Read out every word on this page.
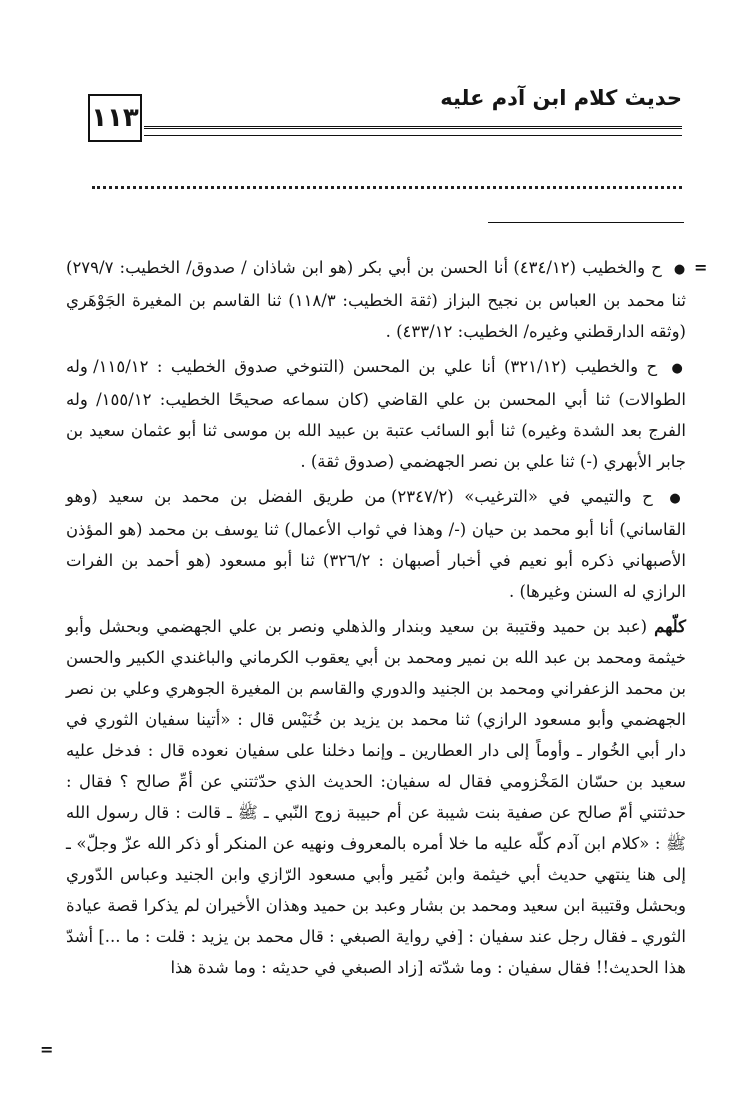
١١٣
حديث كلام ابن آدم عليه
=
=

● ح والخطيب (٤٣٤/١٢) أنا الحسن بن أبي بكر (هو ابن شاذان / صدوق/ الخطيب: ٢٧٩/٧) ثنا محمد بن العباس بن نجيح البزاز (ثقة الخطيب: ١١٨/٣) ثنا القاسم بن المغيرة الجَوْهَري (وثقه الدارقطني وغيره/ الخطيب: ٤٣٣/١٢) .

● ح والخطيب (٣٢١/١٢) أنا علي بن المحسن (التنوخي صدوق الخطيب : ١١٥/١٢/ وله الطوالات) ثنا أبي المحسن بن علي القاضي (كان سماعه صحيحًا الخطيب: ١٥٥/١٢/ وله الفرج بعد الشدة وغيره) ثنا أبو السائب عتبة بن عبيد الله بن موسى ثنا أبو عثمان سعيد بن جابر الأبهري (-) ثنا علي بن نصر الجهضمي (صدوق ثقة) .

● ح والتيمي في «الترغيب» (٢٣٤٧/٢) من طريق الفضل بن محمد بن سعيد (وهو القاساني) أنا أبو محمد بن حيان (-/ وهذا في ثواب الأعمال) ثنا يوسف بن محمد (هو المؤذن الأصبهاني ذكره أبو نعيم في أخبار أصبهان : ٣٢٦/٢) ثنا أبو مسعود (هو أحمد بن الفرات الرازي له السنن وغيرها) .

كلّهم (عبد بن حميد وقتيبة بن سعيد وبندار والذهلي ونصر بن علي الجهضمي وبحشل وأبو خيثمة ومحمد بن عبد الله بن نمير ومحمد بن أبي يعقوب الكرماني والباغندي الكبير والحسن بن محمد الزعفراني ومحمد بن الجنيد والدوري والقاسم بن المغيرة الجوهري وعلي بن نصر الجهضمي وأبو مسعود الرازي) ثنا محمد بن يزيد بن خُنَيْس قال : «أتينا سفيان الثوري في دار أبي الخُوار ـ وأوماً إلى دار العطارين ـ وإنما دخلنا على سفيان نعوده قال : فدخل عليه سعيد بن حسّان المَخْزومي فقال له سفيان: الحديث الذي حدّثتني عن أمِّ صالح ؟ فقال : حدثتني أمّ صالح عن صفية بنت شيبة عن أم حبيبة زوج النّبي ـ ﷺ ـ قالت : قال رسول الله ﷺ : «كلام ابن آدم كلّه عليه ما خلا أمره بالمعروف ونهيه عن المنكر أو ذكر الله عزّ وجلّ» ـ إلى هنا ينتهي حديث أبي خيثمة وابن نُمَير وأبي مسعود الرّازي وابن الجنيد وعباس الدّوري وبحشل وقتيبة ابن سعيد ومحمد بن بشار وعبد بن حميد وهذان الأخيران لم يذكرا قصة عيادة الثوري ـ فقال رجل عند سفيان : [في رواية الصبغي : قال محمد بن يزيد : قلت : ما ...] أشدّ هذا الحديث!! فقال سفيان : وما شدّته [زاد الصبغي في حديثه : وما شدة هذا
